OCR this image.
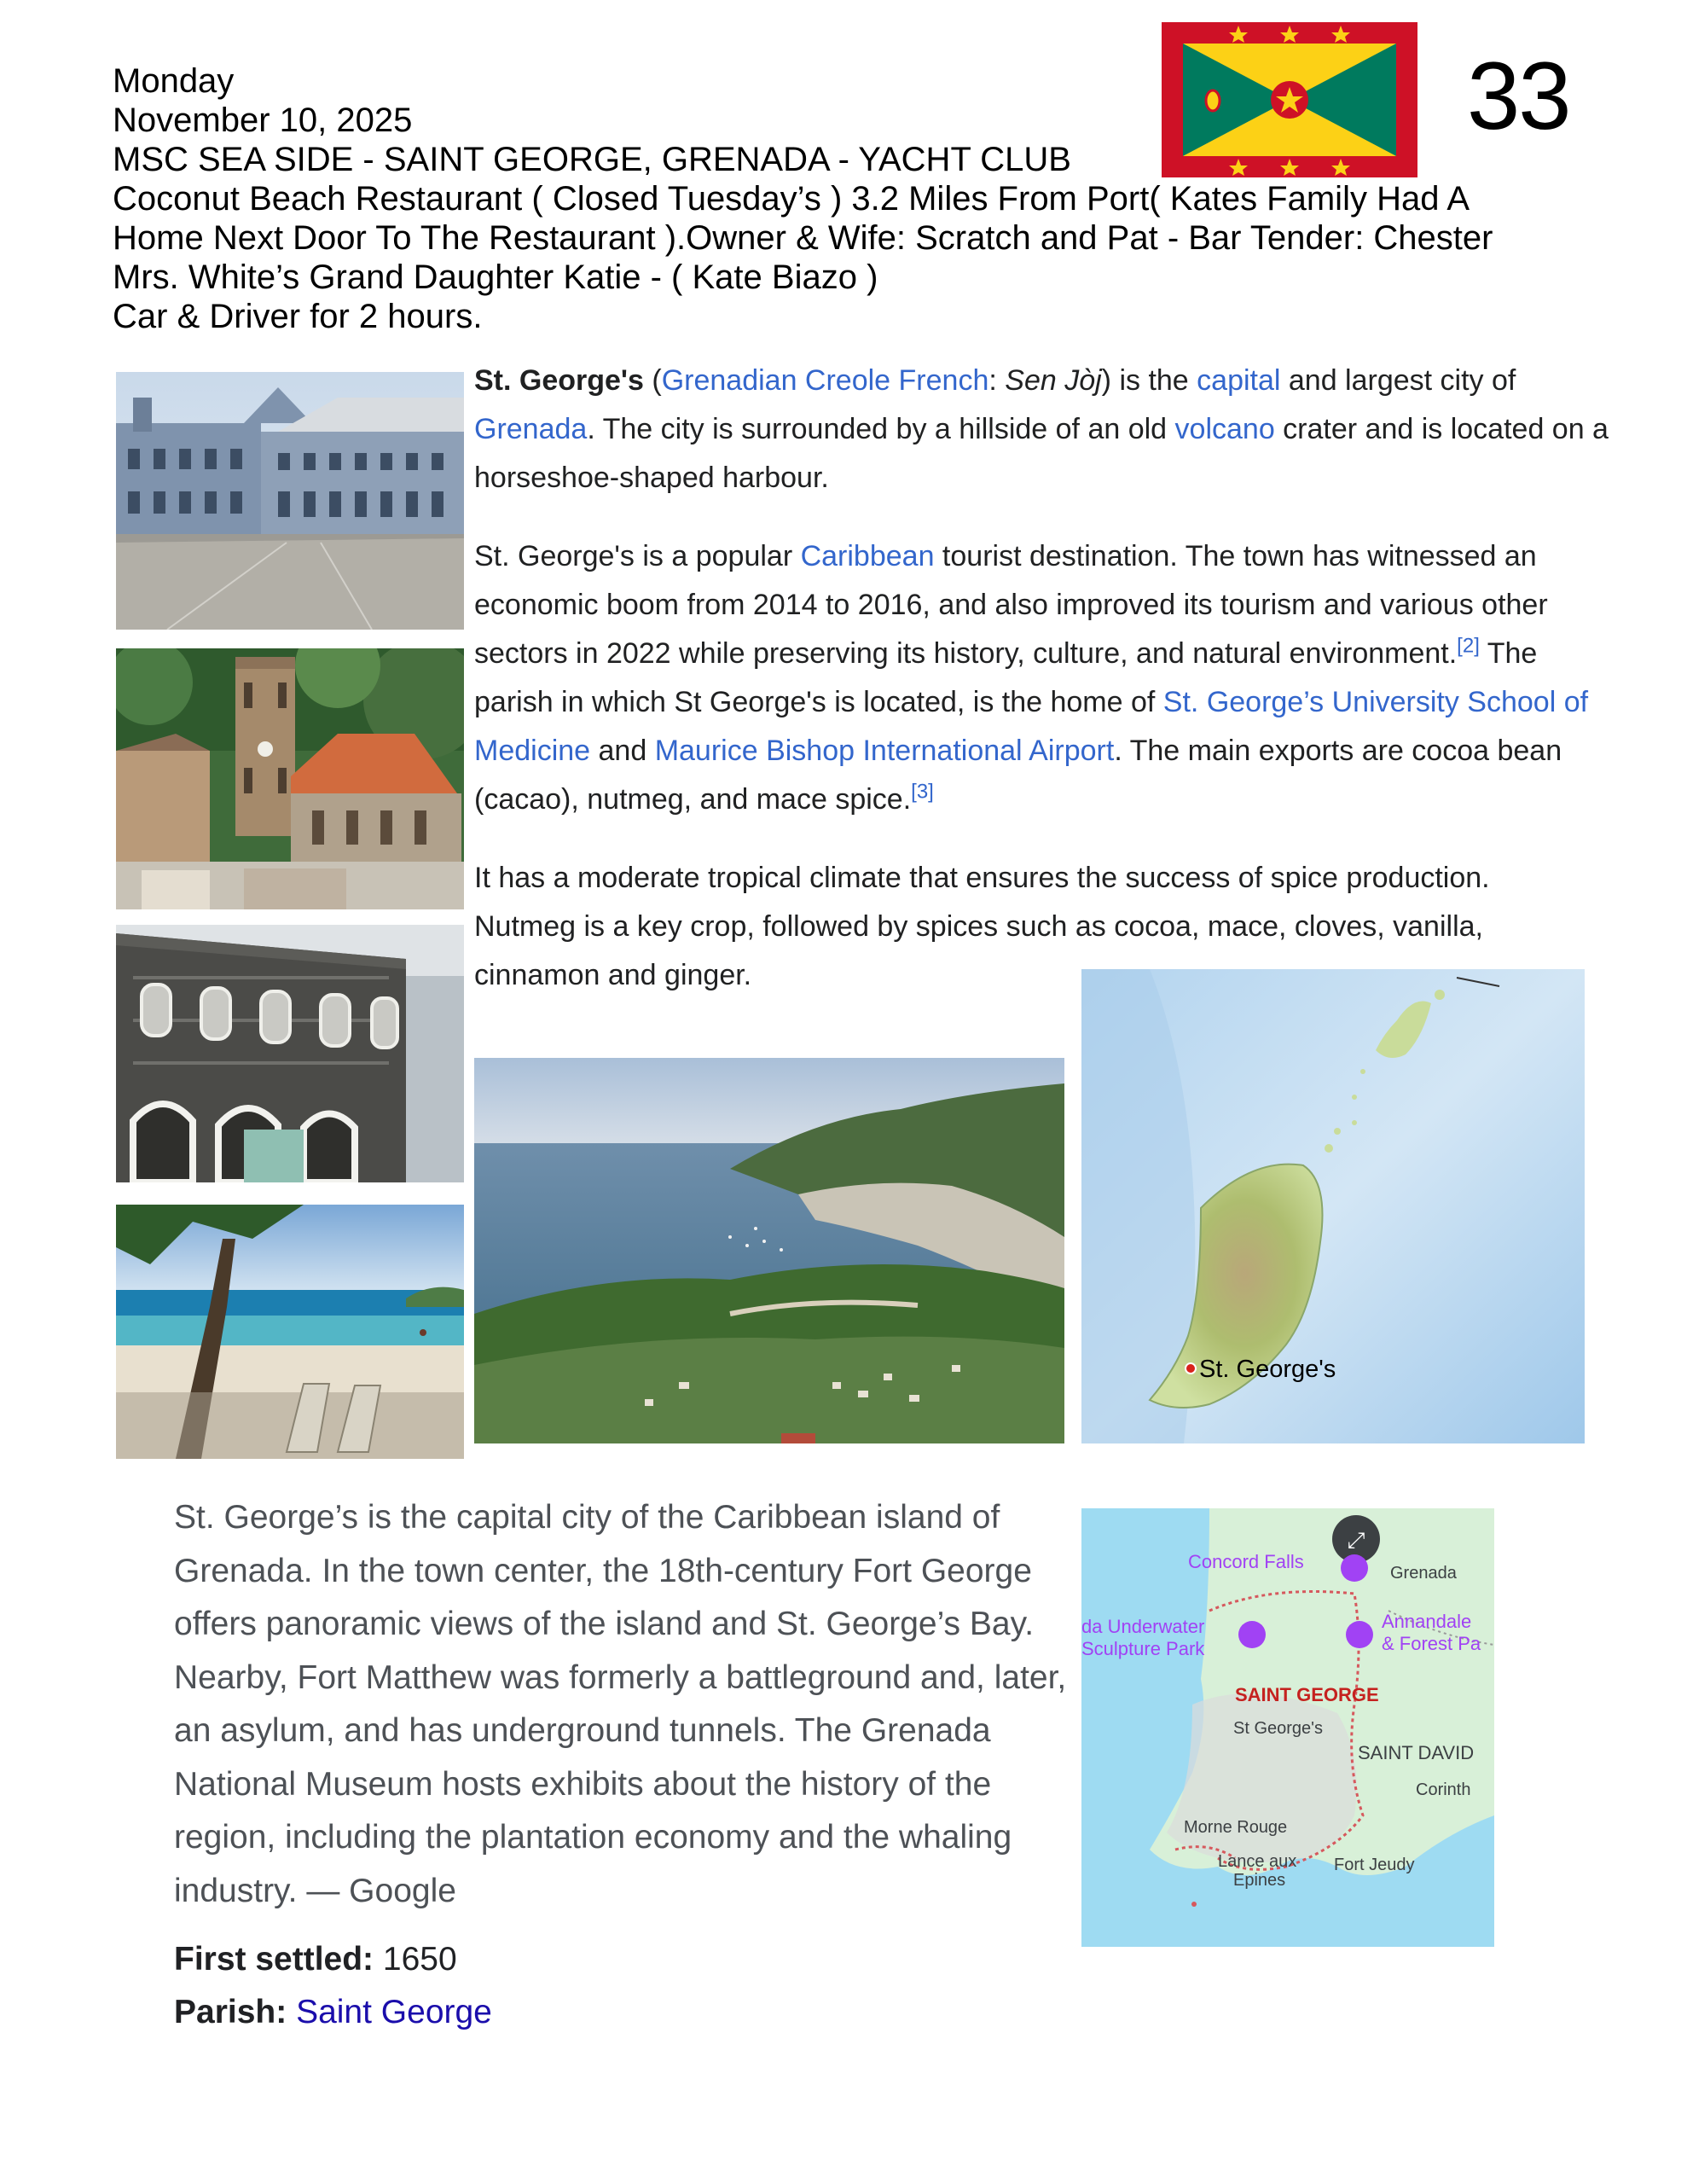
Monday
November 10, 2025
MSC SEA SIDE - SAINT GEORGE, GRENADA - YACHT CLUB
Coconut Beach Restaurant ( Closed Tuesday’s ) 3.2 Miles From Port( Kates Family Had A
Home Next Door To The Restaurant ).Owner & Wife: Scratch and Pat - Bar Tender: Chester
Mrs. White’s Grand Daughter Katie - ( Kate Biazo )
Car & Driver for 2 hours.
33

St. George's (Grenadian Creole French: Sen Jòj) is the capital and largest city of Grenada. The city is surrounded by a hillside of an old volcano crater and is located on a horseshoe-shaped harbour.

St. George's is a popular Caribbean tourist destination. The town has witnessed an economic boom from 2014 to 2016, and also improved its tourism and various other sectors in 2022 while preserving its history, culture, and natural environment.[2] The parish in which St George's is located, is the home of St. George’s University School of Medicine and Maurice Bishop International Airport. The main exports are cocoa bean (cacao), nutmeg, and mace spice.[3]

It has a moderate tropical climate that ensures the success of spice production. Nutmeg is a key crop, followed by spices such as cocoa, mace, cloves, vanilla, cinnamon and ginger.

St. George's
St. George’s is the capital city of the Caribbean island of Grenada. In the town center, the 18th-century Fort George offers panoramic views of the island and St. George’s Bay. Nearby, Fort Matthew was formerly a battleground and, later, an asylum, and has underground tunnels. The Grenada National Museum hosts exhibits about the history of the region, including the plantation economy and the whaling industry. — Google
First settled: 1650
Parish: Saint George
⤢
Concord Falls
Grenada
da Underwater
Sculpture Park
Annandale
& Forest Pa
SAINT GEORGE
St George's
SAINT DAVID
Corinth
Morne Rouge
Lance aux
Epines
Fort Jeudy
